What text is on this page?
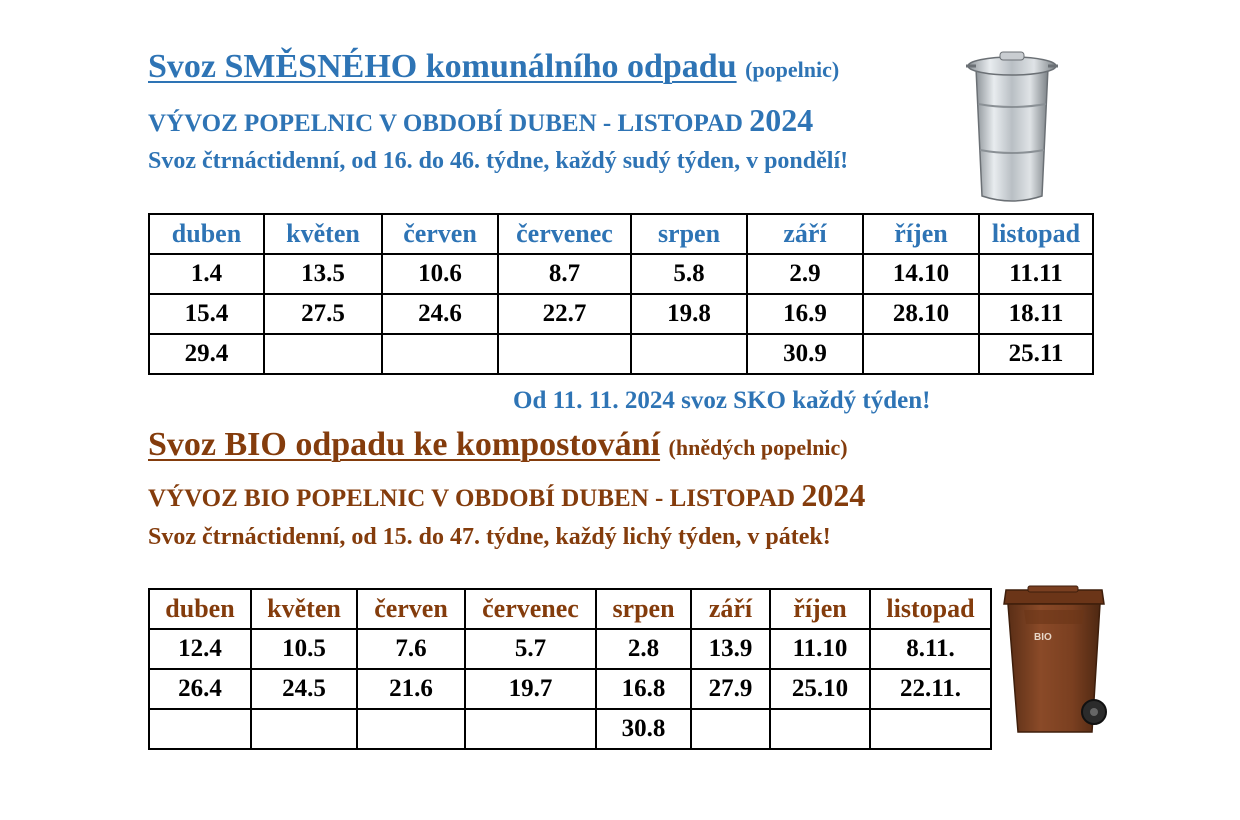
Svoz SMĚSNÉHO komunálního odpadu (popelnic)
VÝVOZ POPELNIC V OBDOBÍ DUBEN - LISTOPAD 2024
Svoz čtrnáctidenní, od 16. do 46. týdne, každý sudý týden, v pondělí!
duben	květen	červen	červenec	srpen	září	říjen	listopad
1.4	13.5	10.6	8.7	5.8	2.9	14.10	11.11
15.4	27.5	24.6	22.7	19.8	16.9	28.10	18.11
29.4					30.9		25.11
Od 11. 11. 2024 svoz SKO každý týden!
Svoz BIO odpadu ke kompostování (hnědých popelnic)
VÝVOZ BIO POPELNIC V OBDOBÍ DUBEN - LISTOPAD 2024
Svoz čtrnáctidenní, od 15. do 47. týdne, každý lichý týden, v pátek!
duben	květen	červen	červenec	srpen	září	říjen	listopad
12.4	10.5	7.6	5.7	2.8	13.9	11.10	8.11.
26.4	24.5	21.6	19.7	16.8	27.9	25.10	22.11.
				30.8			
BIO
